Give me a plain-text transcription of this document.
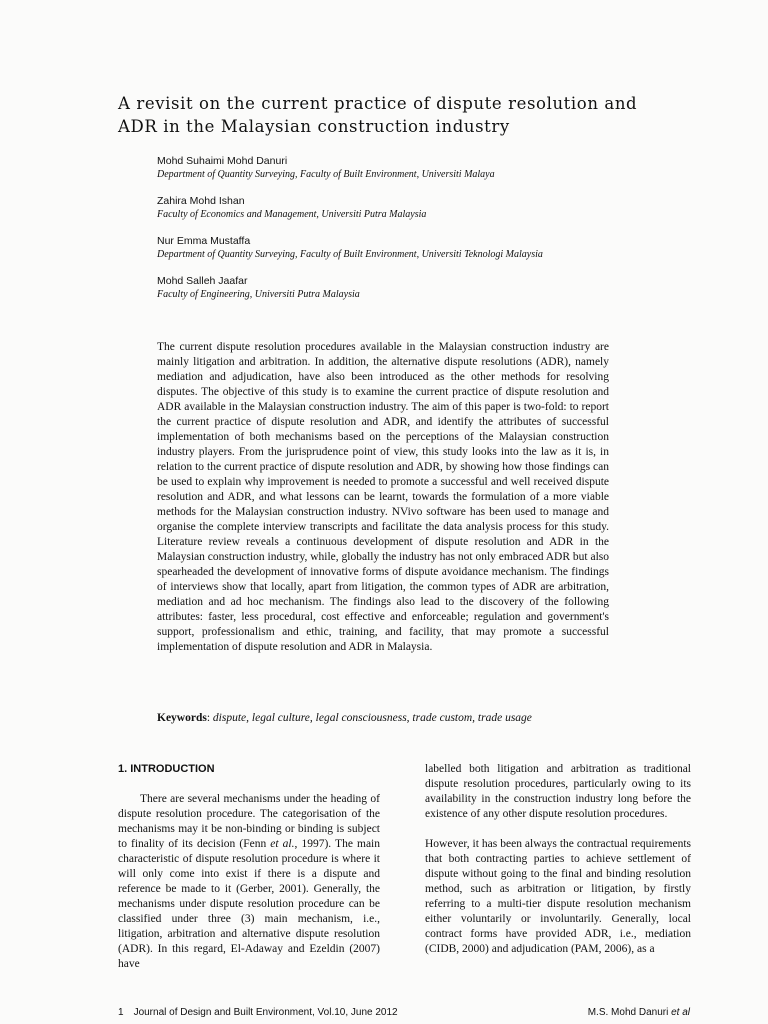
A revisit on the current practice of dispute resolution and ADR in the Malaysian construction industry
Mohd Suhaimi Mohd Danuri
Department of Quantity Surveying, Faculty of Built Environment, Universiti Malaya
Zahira Mohd Ishan
Faculty of Economics and Management, Universiti Putra Malaysia
Nur Emma Mustaffa
Department of Quantity Surveying, Faculty of Built Environment, Universiti Teknologi Malaysia
Mohd Salleh Jaafar
Faculty of Engineering, Universiti Putra Malaysia

The current dispute resolution procedures available in the Malaysian construction industry are mainly litigation and arbitration. In addition, the alternative dispute resolutions (ADR), namely mediation and adjudication, have also been introduced as the other methods for resolving disputes. The objective of this study is to examine the current practice of dispute resolution and ADR available in the Malaysian construction industry. The aim of this paper is two-fold: to report the current practice of dispute resolution and ADR, and identify the attributes of successful implementation of both mechanisms based on the perceptions of the Malaysian construction industry players. From the jurisprudence point of view, this study looks into the law as it is, in relation to the current practice of dispute resolution and ADR, by showing how those findings can be used to explain why improvement is needed to promote a successful and well received dispute resolution and ADR, and what lessons can be learnt, towards the formulation of a more viable methods for the Malaysian construction industry. NVivo software has been used to manage and organise the complete interview transcripts and facilitate the data analysis process for this study. Literature review reveals a continuous development of dispute resolution and ADR in the Malaysian construction industry, while, globally the industry has not only embraced ADR but also spearheaded the development of innovative forms of dispute avoidance mechanism. The findings of interviews show that locally, apart from litigation, the common types of ADR are arbitration, mediation and ad hoc mechanism. The findings also lead to the discovery of the following attributes: faster, less procedural, cost effective and enforceable; regulation and government's support, professionalism and ethic, training, and facility, that may promote a successful implementation of dispute resolution and ADR in Malaysia.

Keywords: dispute, legal culture, legal consciousness, trade custom, trade usage

1. INTRODUCTION

There are several mechanisms under the heading of dispute resolution procedure. The categorisation of the mechanisms may it be non-binding or binding is subject to finality of its decision (Fenn et al., 1997). The main characteristic of dispute resolution procedure is where it will only come into exist if there is a dispute and reference be made to it (Gerber, 2001). Generally, the mechanisms under dispute resolution procedure can be classified under three (3) main mechanism, i.e., litigation, arbitration and alternative dispute resolution (ADR). In this regard, El-Adaway and Ezeldin (2007) have

labelled both litigation and arbitration as traditional dispute resolution procedures, particularly owing to its availability in the construction industry long before the existence of any other dispute resolution procedures.

However, it has been always the contractual requirements that both contracting parties to achieve settlement of dispute without going to the final and binding resolution method, such as arbitration or litigation, by firstly referring to a multi-tier dispute resolution mechanism either voluntarily or involuntarily. Generally, local contract forms have provided ADR, i.e., mediation (CIDB, 2000) and adjudication (PAM, 2006), as a

1 Journal of Design and Built Environment, Vol.10, June 2012	M.S. Mohd Danuri et al
